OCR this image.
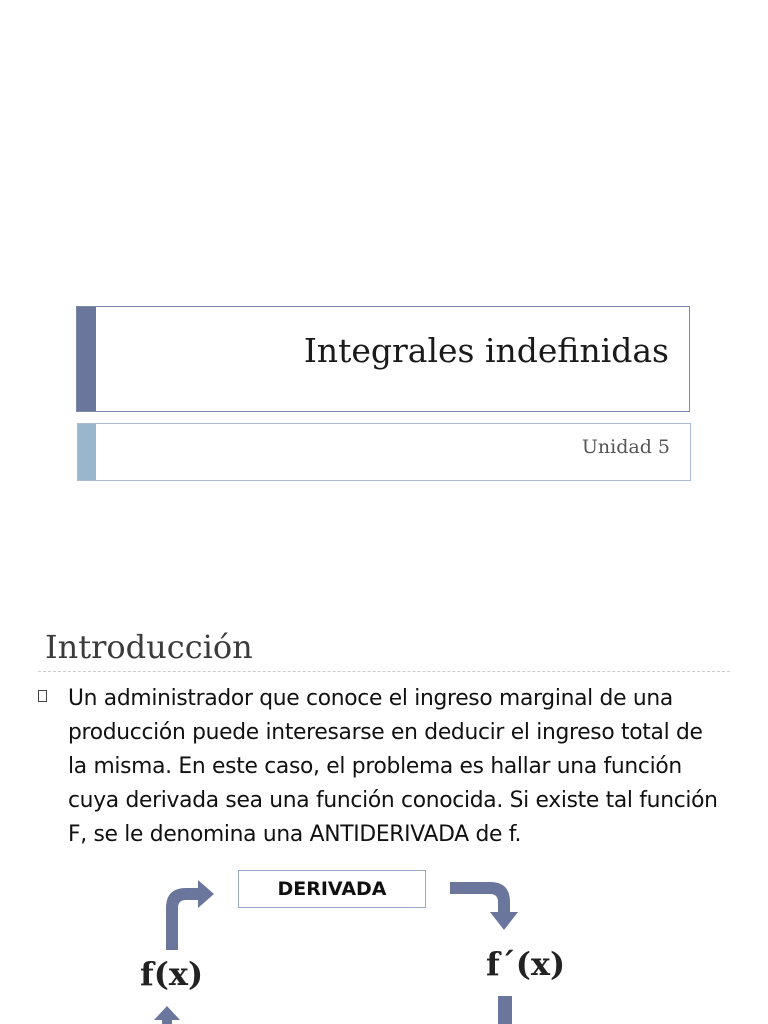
Integrales indefinidas
Unidad 5
Introducción
Un administrador que conoce el ingreso marginal de una producción puede interesarse en deducir el ingreso total de la misma. En este caso, el problema es hallar una función cuya derivada sea una función conocida. Si existe tal función F, se le denomina una ANTIDERIVADA de f.
DERIVADA
f(x)	f´(x)
